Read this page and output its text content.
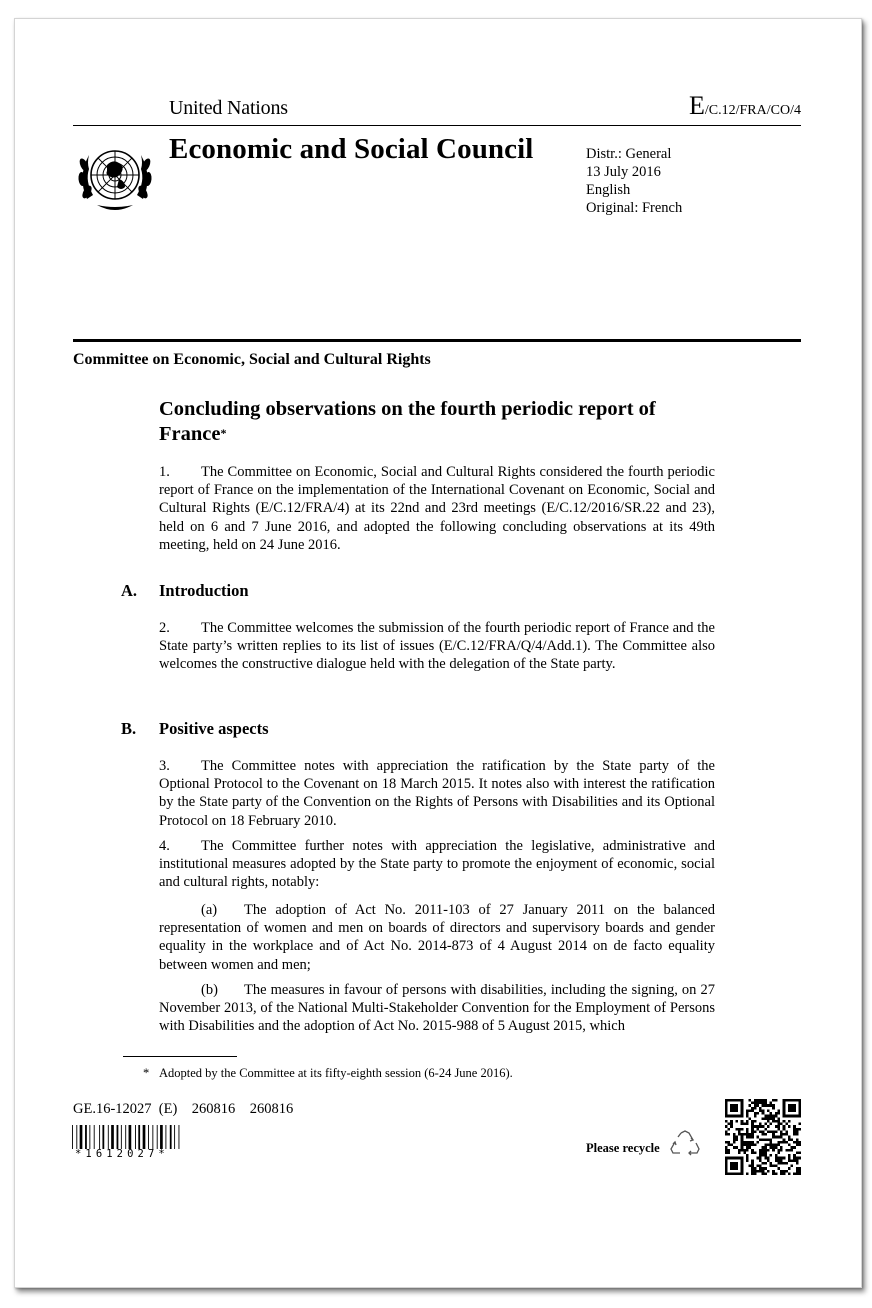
United Nations	E/C.12/FRA/CO/4
Economic and Social Council	Distr.: General
13 July 2016
English
Original: French
Committee on Economic, Social and Cultural Rights
Concluding observations on the fourth periodic report of France*
1. The Committee on Economic, Social and Cultural Rights considered the fourth periodic report of France on the implementation of the International Covenant on Economic, Social and Cultural Rights (E/C.12/FRA/4) at its 22nd and 23rd meetings (E/C.12/2016/SR.22 and 23), held on 6 and 7 June 2016, and adopted the following concluding observations at its 49th meeting, held on 24 June 2016.
A. Introduction
2. The Committee welcomes the submission of the fourth periodic report of France and the State party’s written replies to its list of issues (E/C.12/FRA/Q/4/Add.1). The Committee also welcomes the constructive dialogue held with the delegation of the State party.
B. Positive aspects
3. The Committee notes with appreciation the ratification by the State party of the Optional Protocol to the Covenant on 18 March 2015. It notes also with interest the ratification by the State party of the Convention on the Rights of Persons with Disabilities and its Optional Protocol on 18 February 2010.
4. The Committee further notes with appreciation the legislative, administrative and institutional measures adopted by the State party to promote the enjoyment of economic, social and cultural rights, notably:
(a) The adoption of Act No. 2011-103 of 27 January 2011 on the balanced representation of women and men on boards of directors and supervisory boards and gender equality in the workplace and of Act No. 2014-873 of 4 August 2014 on de facto equality between women and men;
(b) The measures in favour of persons with disabilities, including the signing, on 27 November 2013, of the National Multi-Stakeholder Convention for the Employment of Persons with Disabilities and the adoption of Act No. 2015-988 of 5 August 2015, which
* Adopted by the Committee at its fifty-eighth session (6-24 June 2016).
GE.16-12027  (E)    260816    260816
*1612027*	Please recycle
